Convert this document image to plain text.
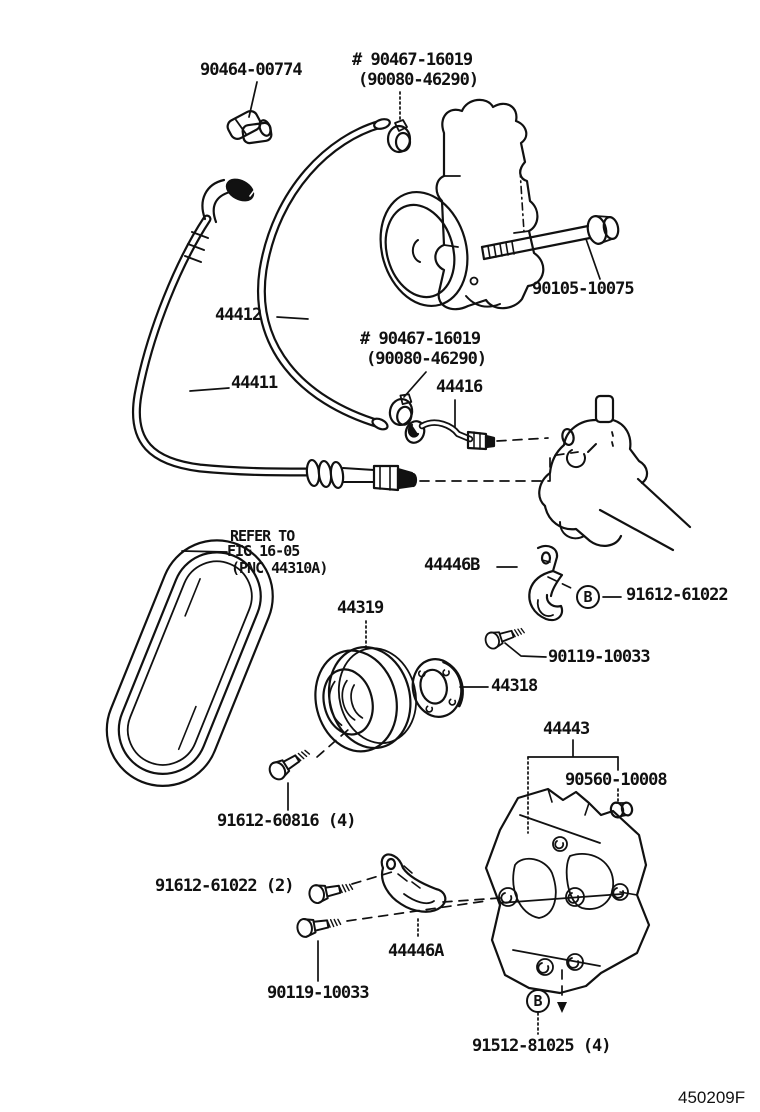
90464-00774	# 90467-16019
(90080-46290)
90105-10075
44412
44411
# 90467-16019
(90080-46290)
44416
REFER TO
FIG 16-05
(PNC 44310A)	44446B
91612-61022
90119-10033
44319
44318
44443
90560-10008
91612-60816 (4)
91612-61022 (2)
44446A
90119-10033
91512-81025 (4)
B
B
450209F
